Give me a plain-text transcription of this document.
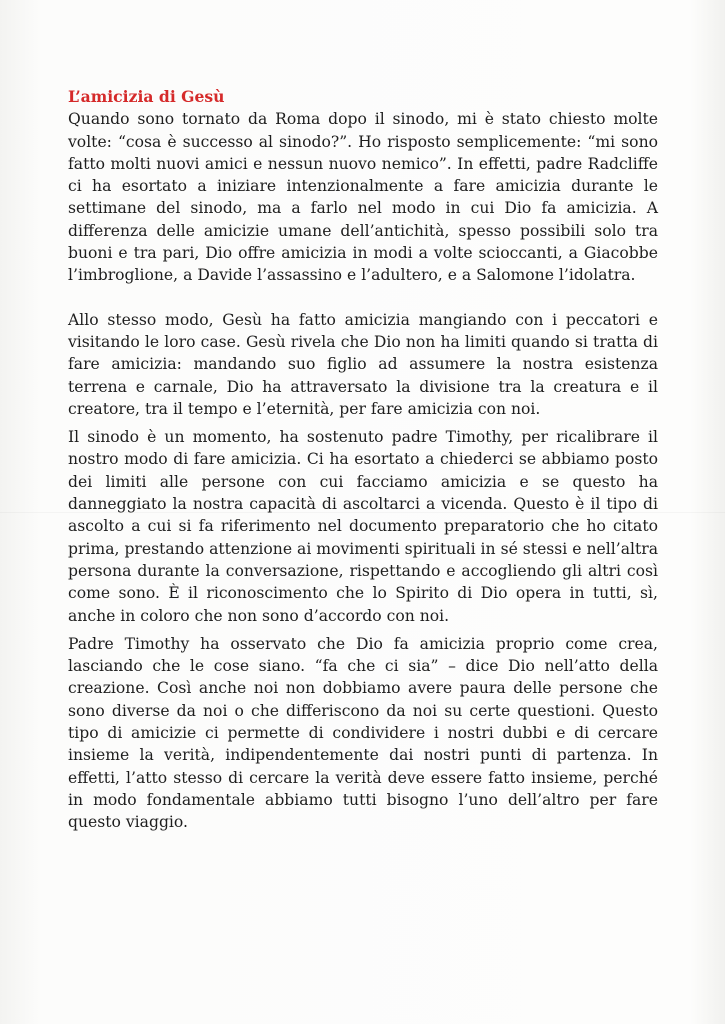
L’amicizia di Gesù

Quando sono tornato da Roma dopo il sinodo, mi è stato chiesto molte volte: “cosa è successo al sinodo?”. Ho risposto semplicemente: “mi sono fatto molti nuovi amici e nessun nuovo nemico”. In effetti, padre Radcliffe ci ha esortato a iniziare intenzionalmente a fare amicizia durante le settimane del sinodo, ma a farlo nel modo in cui Dio fa amicizia. A differenza delle amicizie umane dell’antichità, spesso possibili solo tra buoni e tra pari, Dio offre amicizia in modi a volte scioccanti, a Giacobbe l’imbroglione, a Davide l’assassino e l’adultero, e a Salomone l’idolatra.

Allo stesso modo, Gesù ha fatto amicizia mangiando con i peccatori e visitando le loro case. Gesù rivela che Dio non ha limiti quando si tratta di fare amicizia: mandando suo figlio ad assumere la nostra esistenza terrena e carnale, Dio ha attraversato la divisione tra la creatura e il creatore, tra il tempo e l’eternità, per fare amicizia con noi.

Il sinodo è un momento, ha sostenuto padre Timothy, per ricalibrare il nostro modo di fare amicizia. Ci ha esortato a chiederci se abbiamo posto dei limiti alle persone con cui facciamo amicizia e se questo ha danneggiato la nostra capacità di ascoltarci a vicenda. Questo è il tipo di ascolto a cui si fa riferimento nel documento preparatorio che ho citato prima, prestando attenzione ai movimenti spirituali in sé stessi e nell’altra persona durante la conversazione, rispettando e accogliendo gli altri così come sono. È il riconoscimento che lo Spirito di Dio opera in tutti, sì, anche in coloro che non sono d’accordo con noi.

Padre Timothy ha osservato che Dio fa amicizia proprio come crea, lasciando che le cose siano. “fa che ci sia” – dice Dio nell’atto della creazione. Così anche noi non dobbiamo avere paura delle persone che sono diverse da noi o che differiscono da noi su certe questioni. Questo tipo di amicizie ci permette di condividere i nostri dubbi e di cercare insieme la verità, indipendentemente dai nostri punti di partenza. In effetti, l’atto stesso di cercare la verità deve essere fatto insieme, perché in modo fondamentale abbiamo tutti bisogno l’uno dell’altro per fare questo viaggio.
